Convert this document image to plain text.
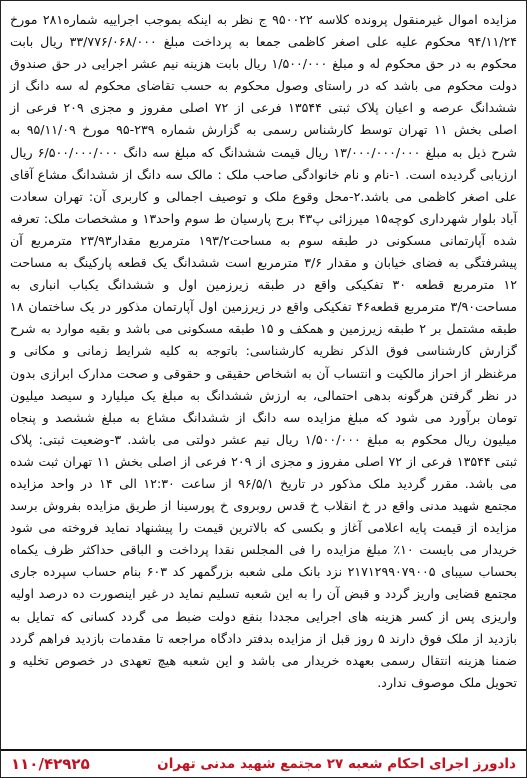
مزایده اموال غیرمنقول پرونده کلاسه ۹۵۰۰۲۲ ج نظر به اینکه بموجب اجراییه شماره۲۸۱ مورخ ۹۴/۱۱/۲۴ محکوم علیه علی اصغر کاظمی جمعا به پرداخت مبلغ ۳۳/۷۷۶/۰۶۸/۰۰۰ ریال بابت محکوم به در حق محکوم له و مبلغ ۱/۵۰۰/۰۰۰ ریال بابت هزینه نیم عشر اجرایی در حق صندوق دولت محکوم می باشد که در راستای وصول محکوم به حسب تقاضای محکوم له سه دانگ از ششدانگ عرصه و اعیان پلاک ثبتی ۱۳۵۴۴ فرعی از ۷۲ اصلی مفروز و مجزی ۲۰۹ فرعی از اصلی بخش ۱۱ تهران توسط کارشناس رسمی به گزارش شماره ۲۳۹-۹۵ مورخ ۹۵/۱۱/۰۹ به شرح ذیل به مبلغ ۱۳/۰۰۰/۰۰۰/۰۰۰ ریال قیمت ششدانگ که مبلغ سه دانگ ۶/۵۰۰/۰۰۰/۰۰۰ ریال ارزیابی گردیده است. ۱-نام و نام خانوادگی صاحب ملک : مالک سه دانگ از ششدانگ مشاع آقای علی اصغر کاظمی می باشد.۲-محل وقوع ملک و توصیف اجمالی و کاربری آن: تهران سعادت آباد بلوار شهرداری کوچه۱۵ میرزائی پ۴۳ برج پارسیان ط سوم واحد۱۳ و مشخصات ملک: تعرفه شده آپارتمانی مسکونی در طبقه سوم به مساحت۱۹۳/۲ مترمربع مقدار۲۳/۹۳ مترمربع آن پیشرفتگی به فضای خیابان و مقدار ۳/۶ مترمربع است ششدانگ یک قطعه پارکینگ به مساحت ۱۲ مترمربع قطعه ۳۰ تفکیکی واقع در طبقه زیرزمین اول و ششدانگ یکباب انباری به مساحت۳/۹۰ مترمربع قطعه۴۶ تفکیکی واقع در زیرزمین اول آپارتمان مذکور در یک ساختمان ۱۸ طبقه مشتمل بر ۲ طبقه زیرزمین و همکف و ۱۵ طبقه مسکونی می باشد و بقیه موارد به شرح گزارش کارشناسی فوق الذکر نظریه کارشناسی: باتوجه به کلیه شرایط زمانی و مکانی و مرغنظر از احراز مالکیت و انتساب آن به اشخاص حقیقی و حقوقی و صحت مدارک ابرازی بدون در نظر گرفتن هرگونه بدهی احتمالی، به ارزش ششدانگ به مبلغ یک میلیارد و سیصد میلیون تومان برآورد می شود که مبلغ مزایده سه دانگ از ششدانگ مشاع به مبلغ ششصد و پنجاه میلیون ریال محکوم به مبلغ ۱/۵۰۰/۰۰۰ ریال نیم عشر دولتی می باشد. ۳-وضعیت ثبتی: پلاک ثبتی ۱۳۵۴۴ فرعی از ۷۲ اصلی مفروز و مجزی از ۲۰۹ فرعی از اصلی بخش ۱۱ تهران ثبت شده می باشد. مقرر گردید ملک مذکور در تاریخ ۹۶/۵/۱ از ساعت ۱۲:۳۰ الی ۱۴ در واحد مزایده مجتمع شهید مدنی واقع در خ انقلاب خ قدس روبروی خ پورسینا از طریق مزایده بفروش برسد مزایده از قیمت پایه اعلامی آغاز و بکسی که بالاترین قیمت را پیشنهاد نماید فروخته می شود خریدار می بایست ۱۰٪ مبلغ مزایده را فی المجلس نقدا پرداخت و الباقی حداکثر ظرف یکماه بحساب سیبای ۲۱۷۱۲۹۹۰۷۹۰۰۵ نزد بانک ملی شعبه بزرگمهر کد ۶۰۳ بنام حساب سپرده جاری مجتمع قضایی واریز گردد و قبض آن را به این شعبه تسلیم نماید در غیر اینصورت ده درصد اولیه واریزی پس از کسر هزینه های اجرایی مجددا بنفع دولت ضبط می گردد کسانی که تمایل به بازدید از ملک فوق دارند ۵ روز قبل از مزایده بدفتر دادگاه مراجعه تا مقدمات بازدید فراهم گردد ضمنا هزینه انتقال رسمی بعهده خریدار می باشد و این شعبه هیچ تعهدی در خصوص تخلیه و تحویل ملک موصوف ندارد.

دادورز اجرای احکام شعبه ۲۷ مجتمع شهید مدنی تهران
۱۱۰/۴۲۹۲۵
